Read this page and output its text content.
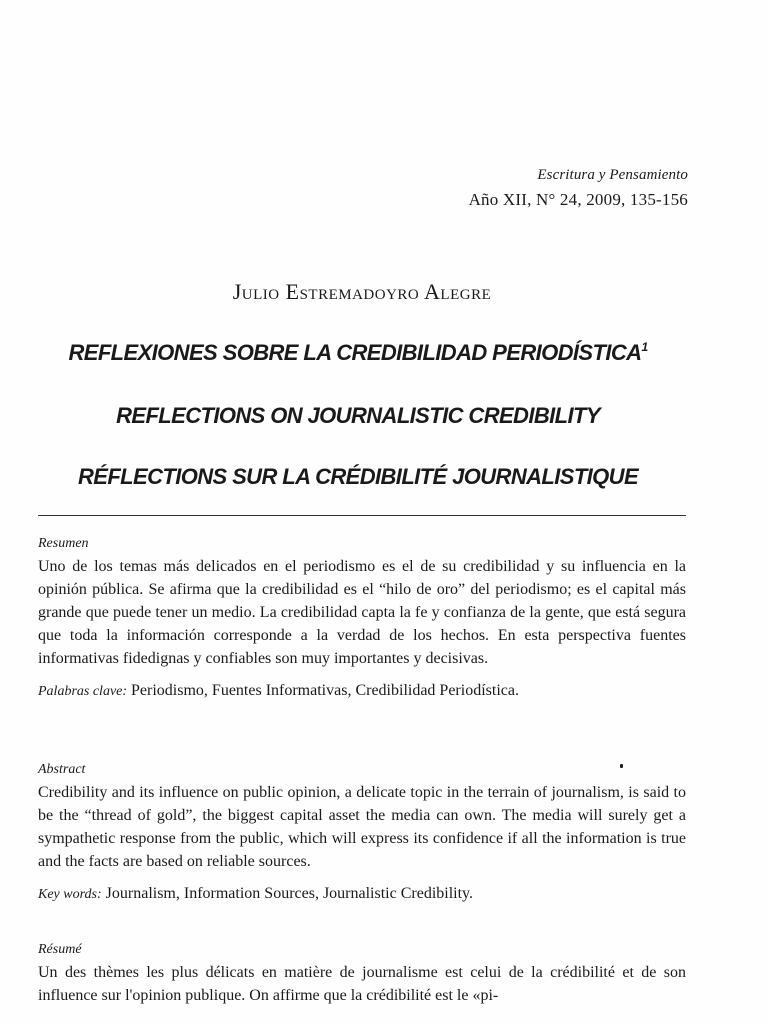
Escritura y Pensamiento
Año XII, N° 24, 2009, 135-156
Julio Estremadoyro Alegre
REFLEXIONES SOBRE LA CREDIBILIDAD PERIODÍSTICA$^1$
REFLECTIONS ON JOURNALISTIC CREDIBILITY
RÉFLECTIONS SUR LA CRÉDIBILITÉ JOURNALISTIQUE
Resumen
Uno de los temas más delicados en el periodismo es el de su credibilidad y su influencia en la opinión pública. Se afirma que la credibilidad es el “hilo de oro” del periodismo; es el capital más grande que puede tener un medio. La credibilidad capta la fe y confianza de la gente, que está segura que toda la información corresponde a la verdad de los hechos. En esta perspectiva fuentes informativas fidedignas y confiables son muy importantes y decisivas.
Palabras clave: Periodismo, Fuentes Informativas, Credibilidad Periodística.
Abstract
Credibility and its influence on public opinion, a delicate topic in the terrain of journalism, is said to be the “thread of gold”, the biggest capital asset the media can own. The media will surely get a sympathetic response from the public, which will express its confidence if all the information is true and the facts are based on reliable sources.
Key words: Journalism, Information Sources, Journalistic Credibility.
Résumé
Un des thèmes les plus délicats en matière de journalisme est celui de la crédibilité et de son influence sur l'opinion publique. On affirme que la crédibilité est le «pi-
